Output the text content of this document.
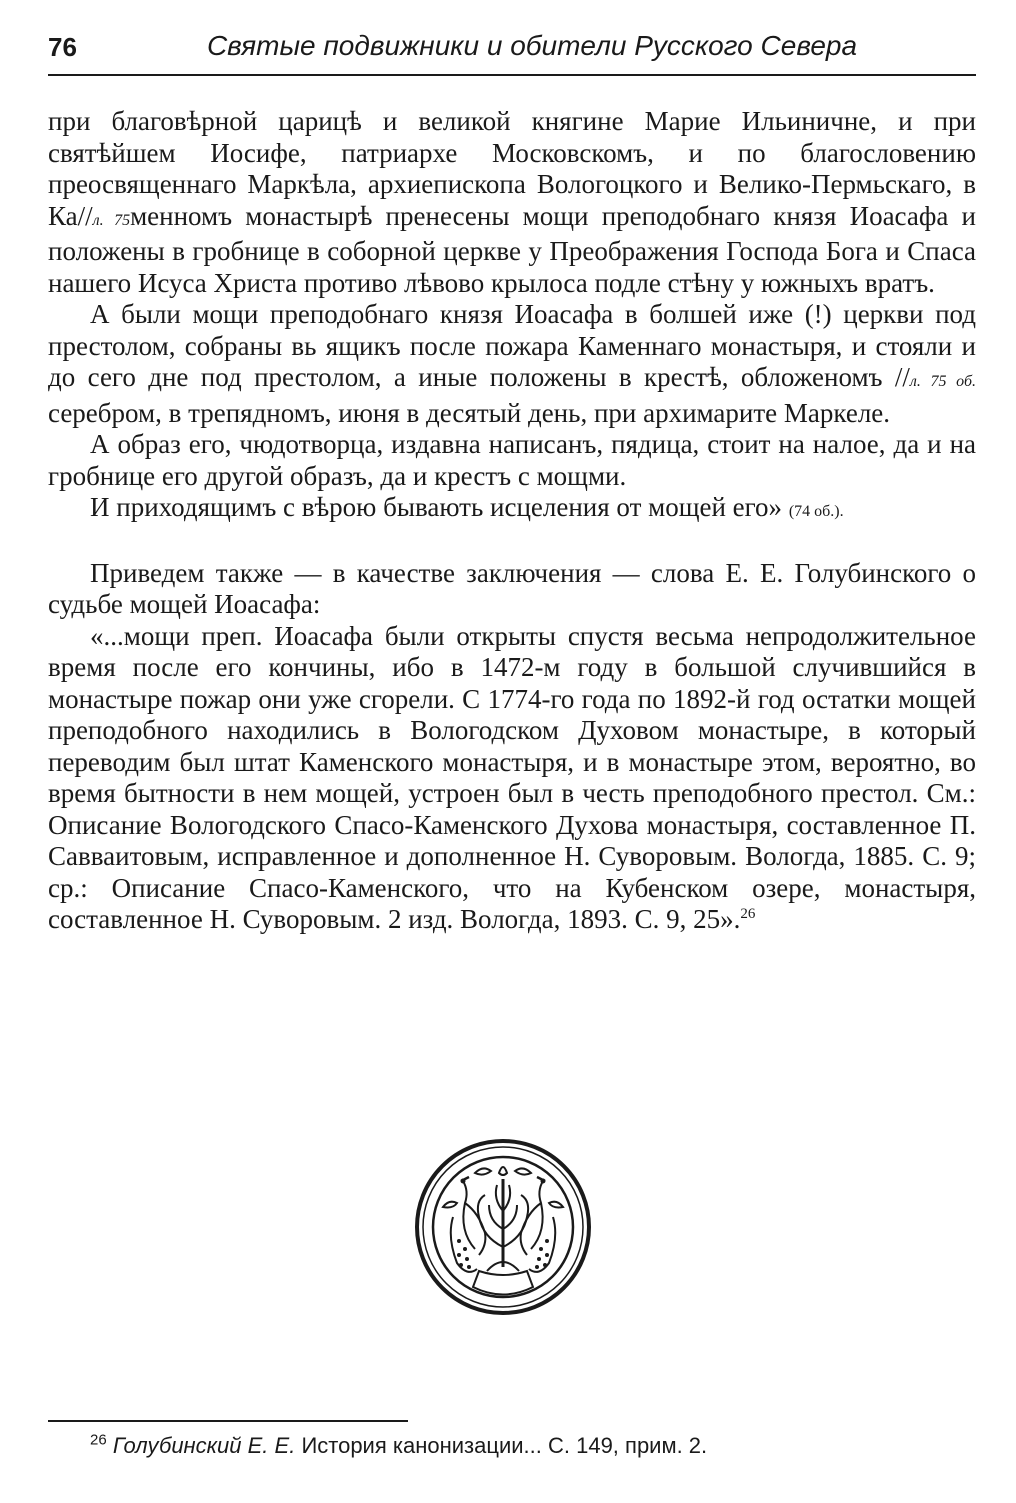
76	Святые подвижники и обители Русского Севера

при благовѣрной царицѣ и великой княгине Марие Ильиничне, и при святѣйшем Иосифе, патриархе Московскомъ, и по благословению преосвященнаго Маркѣла, архиепископа Вологоцкого и Велико-Пермьскаго, в Ка//л. 75менномъ монастырѣ пренесены мощи преподобнаго князя Иоасафа и положены в гробнице в соборной церкве у Преображения Господа Бога и Спаса нашего Исуса Христа противо лѣвово крылоса подле стѣну у южныхъ вратъ.

А были мощи преподобнаго князя Иоасафа в болшей иже (!) церкви под престолом, собраны вь ящикъ после пожара Каменнаго монастыря, и стояли и до сего дне под престолом, а иные положены в крестѣ, обложеномъ //л. 75 об. серебром, в трепядномъ, июня в десятый день, при архимарите Маркеле.

А образ его, чюдотворца, издавна написанъ, пядица, стоит на налое, да и на гробнице его другой образъ, да и крестъ с мощми.

И приходящимъ с вѣрою бывають исцеления от мощей его» (74 об.).

Приведем также — в качестве заключения — слова Е. Е. Голубинского о судьбе мощей Иоасафа:

«...мощи преп. Иоасафа были открыты спустя весьма непродолжительное время после его кончины, ибо в 1472-м году в большой случившийся в монастыре пожар они уже сгорели. С 1774-го года по 1892-й год остатки мощей преподобного находились в Вологодском Духовом монастыре, в который переводим был штат Каменского монастыря, и в монастыре этом, вероятно, во время бытности в нем мощей, устроен был в честь преподобного престол. См.: Описание Вологодского Спасо-Каменского Духова монастыря, составленное П. Савваитовым, исправленное и дополненное Н. Суворовым. Вологда, 1885. С. 9; ср.: Описание Спасо-Каменского, что на Кубенском озере, монастыря, составленное Н. Суворовым. 2 изд. Вологда, 1893. С. 9, 25».$^{26}$

$^{26}$ Голубинский Е. Е. История канонизации... С. 149, прим. 2.
